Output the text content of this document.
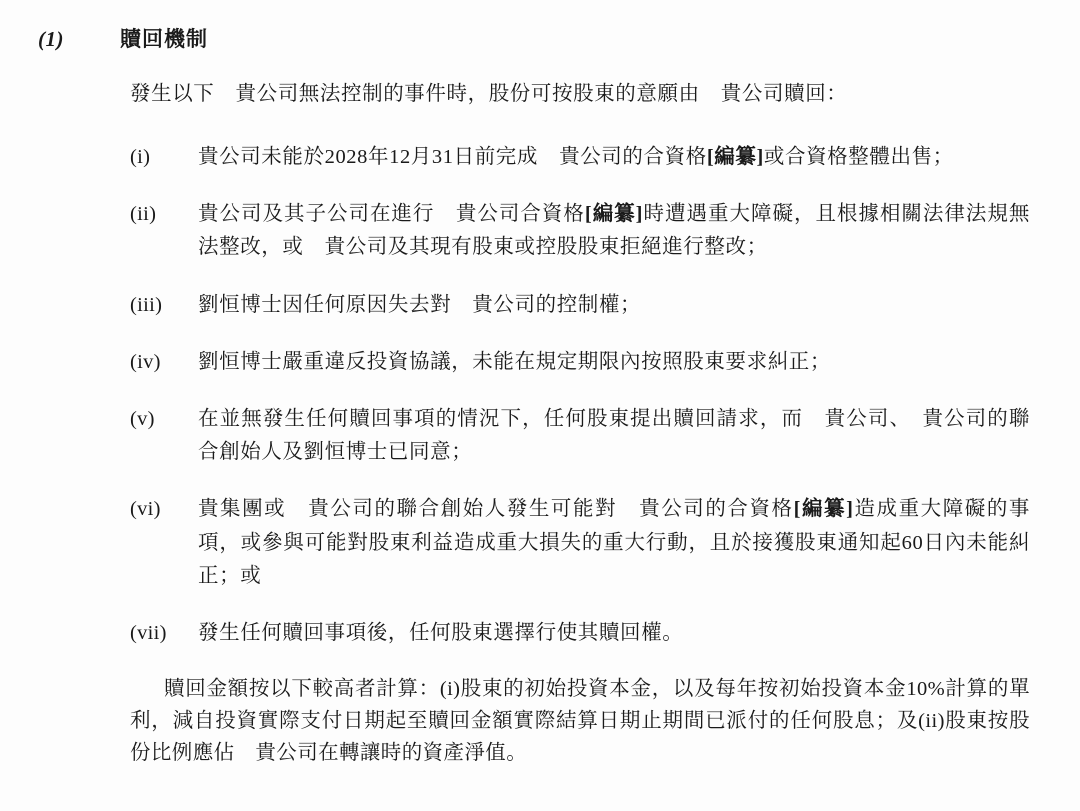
(1)	贖回機制

發生以下　貴公司無法控制的事件時，股份可按股東的意願由　貴公司贖回：

(i)	貴公司未能於2028年12月31日前完成　貴公司的合資格[編纂]或合資格整體出售；
(ii)	貴公司及其子公司在進行　貴公司合資格[編纂]時遭遇重大障礙，且根據相關法律法規無法整改，或　貴公司及其現有股東或控股股東拒絕進行整改；
(iii)	劉恒博士因任何原因失去對　貴公司的控制權；
(iv)	劉恒博士嚴重違反投資協議，未能在規定期限內按照股東要求糾正；
(v)	在並無發生任何贖回事項的情況下，任何股東提出贖回請求，而　貴公司、　貴公司的聯合創始人及劉恒博士已同意；
(vi)	貴集團或　貴公司的聯合創始人發生可能對　貴公司的合資格[編纂]造成重大障礙的事項，或參與可能對股東利益造成重大損失的重大行動，且於接獲股東通知起60日內未能糾正；或
(vii)	發生任何贖回事項後，任何股東選擇行使其贖回權。

贖回金額按以下較高者計算：(i)股東的初始投資本金，以及每年按初始投資本金10%計算的單利，減自投資實際支付日期起至贖回金額實際結算日期止期間已派付的任何股息；及(ii)股東按股份比例應佔　貴公司在轉讓時的資產淨值。
